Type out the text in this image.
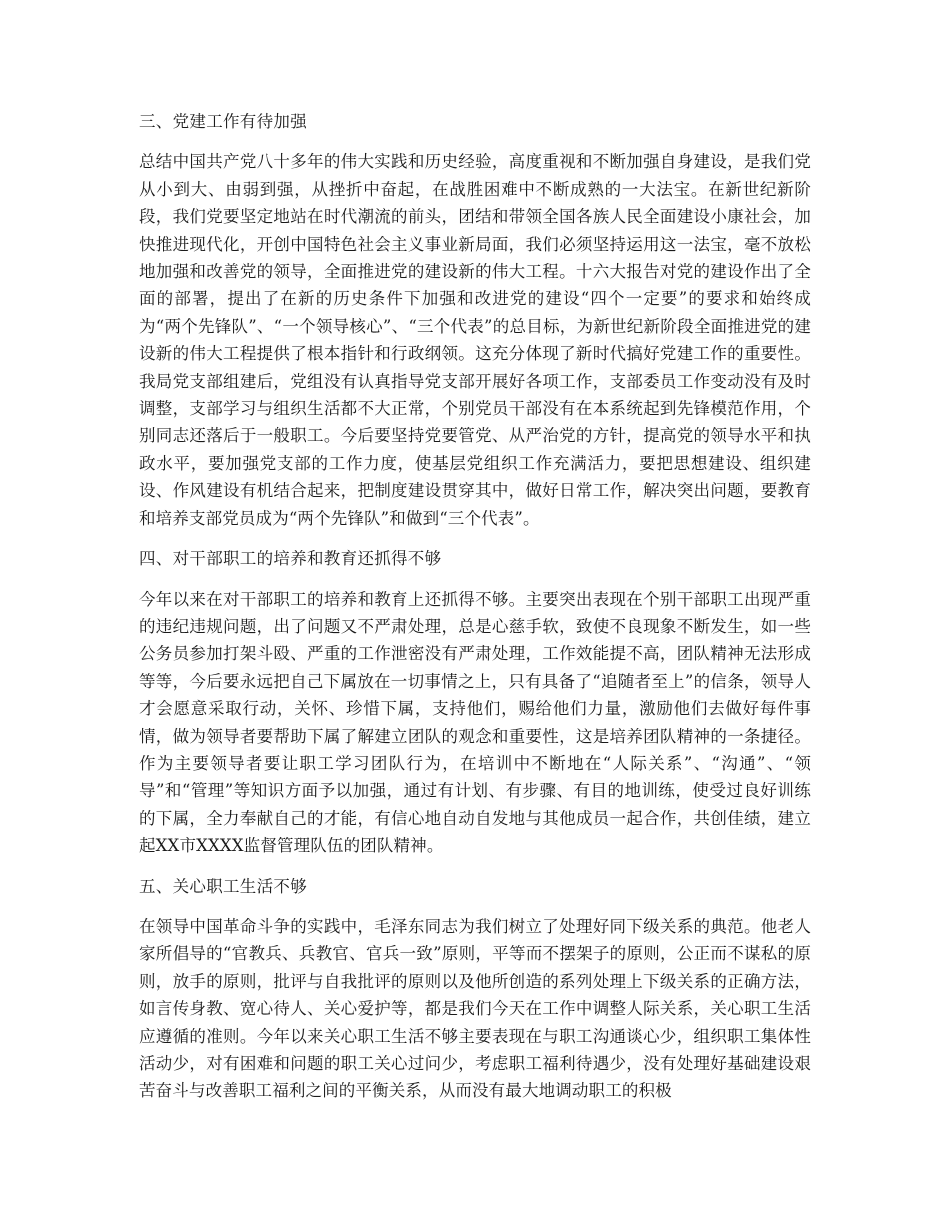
三、党建工作有待加强

总结中国共产党八十多年的伟大实践和历史经验，高度重视和不断加强自身建设，是我们党从小到大、由弱到强，从挫折中奋起，在战胜困难中不断成熟的一大法宝。在新世纪新阶段，我们党要坚定地站在时代潮流的前头，团结和带领全国各族人民全面建设小康社会，加快推进现代化，开创中国特色社会主义事业新局面，我们必须坚持运用这一法宝，毫不放松地加强和改善党的领导，全面推进党的建设新的伟大工程。十六大报告对党的建设作出了全面的部署，提出了在新的历史条件下加强和改进党的建设“四个一定要”的要求和始终成为“两个先锋队”、“一个领导核心”、“三个代表”的总目标，为新世纪新阶段全面推进党的建设新的伟大工程提供了根本指针和行政纲领。这充分体现了新时代搞好党建工作的重要性。我局党支部组建后，党组没有认真指导党支部开展好各项工作，支部委员工作变动没有及时调整，支部学习与组织生活都不大正常，个别党员干部没有在本系统起到先锋模范作用，个别同志还落后于一般职工。今后要坚持党要管党、从严治党的方针，提高党的领导水平和执政水平，要加强党支部的工作力度，使基层党组织工作充满活力，要把思想建设、组织建设、作风建设有机结合起来，把制度建设贯穿其中，做好日常工作，解决突出问题，要教育和培养支部党员成为“两个先锋队”和做到“三个代表”。

四、对干部职工的培养和教育还抓得不够

今年以来在对干部职工的培养和教育上还抓得不够。主要突出表现在个别干部职工出现严重的违纪违规问题，出了问题又不严肃处理，总是心慈手软，致使不良现象不断发生，如一些公务员参加打架斗殴、严重的工作泄密没有严肃处理，工作效能提不高，团队精神无法形成等等，今后要永远把自己下属放在一切事情之上，只有具备了“追随者至上”的信条，领导人才会愿意采取行动，关怀、珍惜下属，支持他们，赐给他们力量，激励他们去做好每件事情，做为领导者要帮助下属了解建立团队的观念和重要性，这是培养团队精神的一条捷径。作为主要领导者要让职工学习团队行为，在培训中不断地在“人际关系”、“沟通”、“领导”和“管理”等知识方面予以加强，通过有计划、有步骤、有目的地训练，使受过良好训练的下属，全力奉献自己的才能，有信心地自动自发地与其他成员一起合作，共创佳绩，建立起XX市XXXX监督管理队伍的团队精神。

五、关心职工生活不够

在领导中国革命斗争的实践中，毛泽东同志为我们树立了处理好同下级关系的典范。他老人家所倡导的“官教兵、兵教官、官兵一致”原则，平等而不摆架子的原则，公正而不谋私的原则，放手的原则，批评与自我批评的原则以及他所创造的系列处理上下级关系的正确方法，如言传身教、宽心待人、关心爱护等，都是我们今天在工作中调整人际关系，关心职工生活应遵循的准则。今年以来关心职工生活不够主要表现在与职工沟通谈心少，组织职工集体性活动少，对有困难和问题的职工关心过问少，考虑职工福利待遇少，没有处理好基础建设艰苦奋斗与改善职工福利之间的平衡关系，从而没有最大地调动职工的积极
